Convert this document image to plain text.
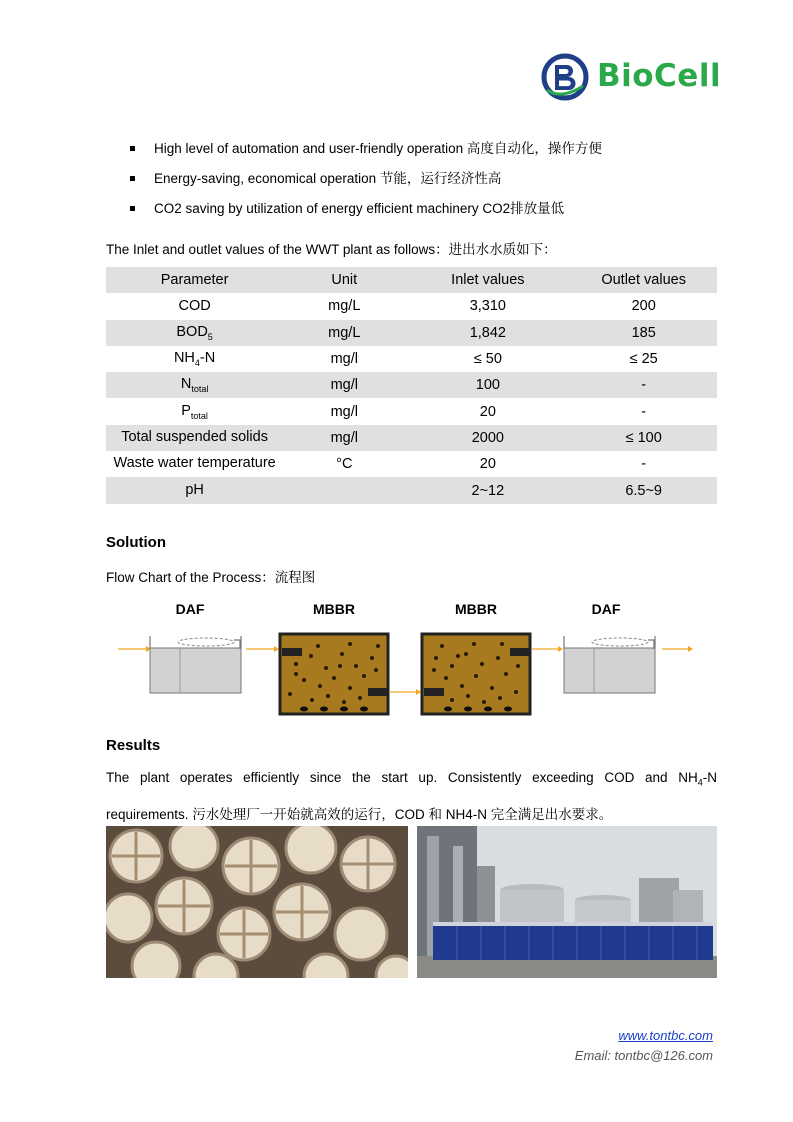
BioCell
High level of automation and user-friendly operation 高度自动化，操作方便
Energy-saving, economical operation 节能，运行经济性高
CO2 saving by utilization of energy efficient machinery CO2排放量低
The Inlet and outlet values of the WWT plant as follows：进出水水质如下：
Parameter	Unit	Inlet values	Outlet values
COD	mg/L	3,310	200
$BOD_5$	mg/L	1,842	185
$NH_4-N$	mg/l	≤ 50	≤ 25
$N_{total}$	mg/l	100	-
$P_{total}$	mg/l	20	-
Total suspended solids	mg/l	2000	≤ 100
Waste water temperature	°C	20	-
pH		2~12	6.5~9
Solution
Flow Chart of the Process：流程图
DAF	MBBR	MBBR	DAF
Results
The plant operates efficiently since the start up. Consistently exceeding COD and $NH_4-N$ requirements. 污水处理厂一开始就高效的运行，COD 和 NH4-N 完全满足出水要求。
www.tontbc.com
Email: tontbc@126.com
